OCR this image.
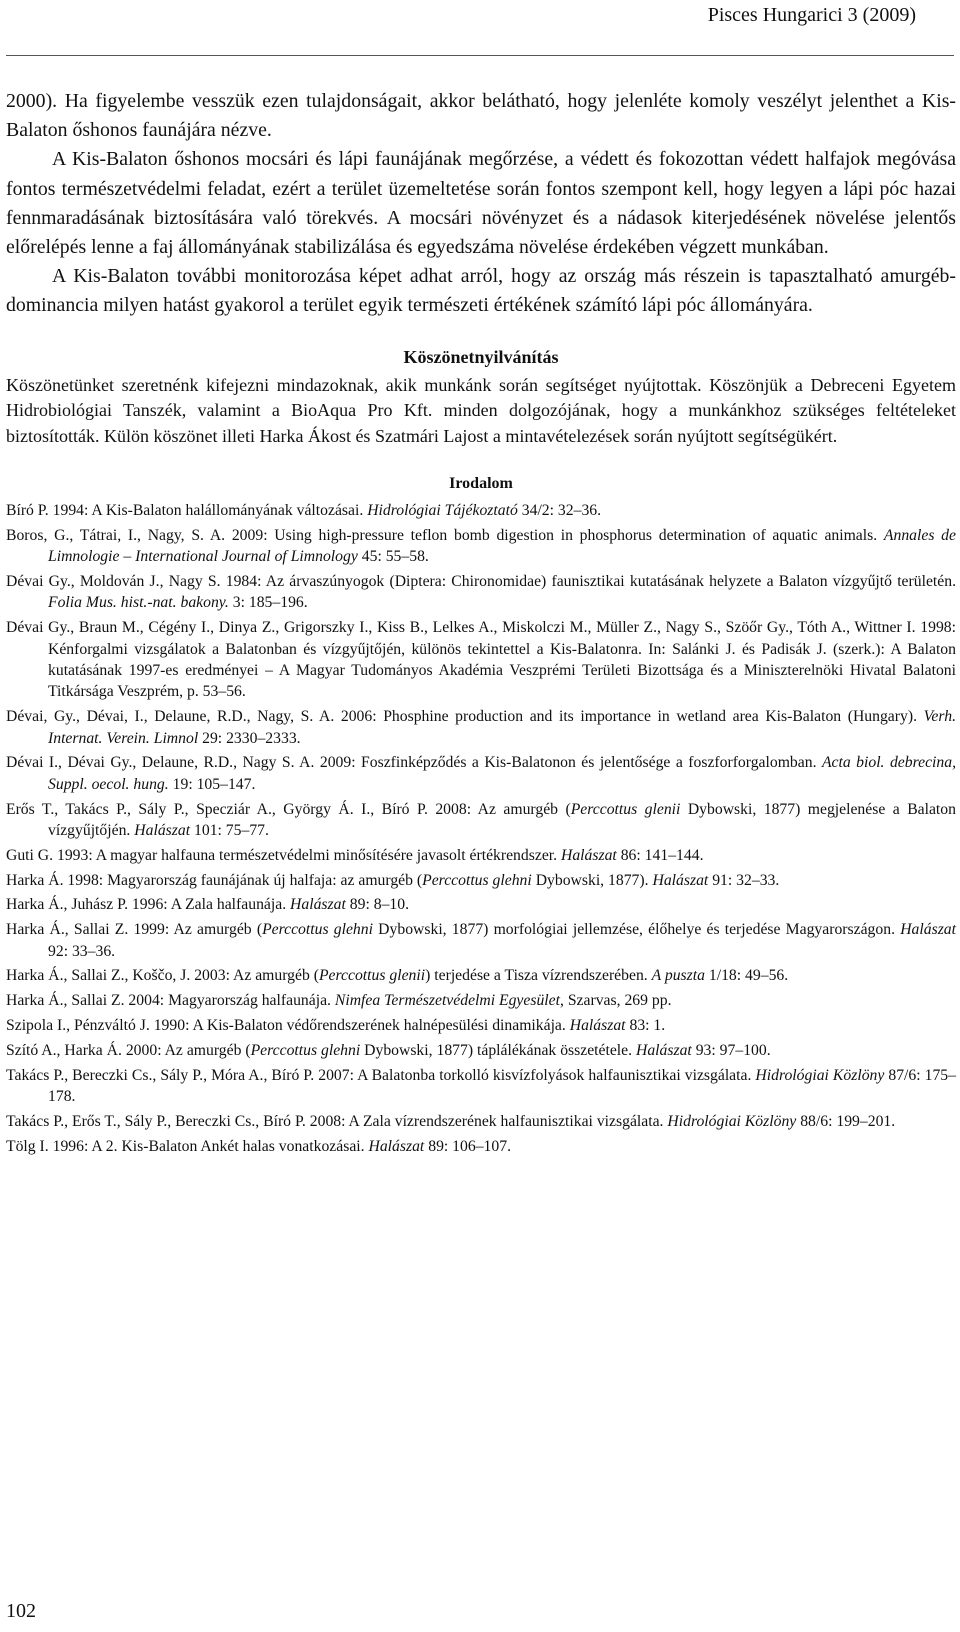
Pisces Hungarici 3 (2009)

2000). Ha figyelembe vesszük ezen tulajdonságait, akkor belátható, hogy jelenléte komoly veszélyt jelenthet a Kis-Balaton őshonos faunájára nézve.

A Kis-Balaton őshonos mocsári és lápi faunájának megőrzése, a védett és fokozottan védett halfajok megóvása fontos természetvédelmi feladat, ezért a terület üzemeltetése során fontos szempont kell, hogy legyen a lápi póc hazai fennmaradásának biztosítására való törekvés. A mocsári növényzet és a nádasok kiterjedésének növelése jelentős előrelépés lenne a faj állományának stabilizálása és egyedszáma növelése érdekében végzett munkában.

A Kis-Balaton további monitorozása képet adhat arról, hogy az ország más részein is tapasztalható amurgéb-dominancia milyen hatást gyakorol a terület egyik természeti értékének számító lápi póc állományára.

Köszönetnyilvánítás

Köszönetünket szeretnénk kifejezni mindazoknak, akik munkánk során segítséget nyújtottak. Köszönjük a Debreceni Egyetem Hidrobiológiai Tanszék, valamint a BioAqua Pro Kft. minden dolgozójának, hogy a munkánkhoz szükséges feltételeket biztosították. Külön köszönet illeti Harka Ákost és Szatmári Lajost a mintavételezések során nyújtott segítségükért.

Irodalom
Bíró P. 1994: A Kis-Balaton halállományának változásai. Hidrológiai Tájékoztató 34/2: 32–36.
Boros, G., Tátrai, I., Nagy, S. A. 2009: Using high-pressure teflon bomb digestion in phosphorus determination of aquatic animals. Annales de Limnologie – International Journal of Limnology 45: 55–58.
Dévai Gy., Moldován J., Nagy S. 1984: Az árvaszúnyogok (Diptera: Chironomidae) faunisztikai kutatásának helyzete a Balaton vízgyűjtő területén. Folia Mus. hist.-nat. bakony. 3: 185–196.
Dévai Gy., Braun M., Cégény I., Dinya Z., Grigorszky I., Kiss B., Lelkes A., Miskolczi M., Müller Z., Nagy S., Szöőr Gy., Tóth A., Wittner I. 1998: Kénforgalmi vizsgálatok a Balatonban és vízgyűjtőjén, különös tekintettel a Kis-Balatonra. In: Salánki J. és Padisák J. (szerk.): A Balaton kutatásának 1997-es eredményei – A Magyar Tudományos Akadémia Veszprémi Területi Bizottsága és a Miniszterelnöki Hivatal Balatoni Titkársága Veszprém, p. 53–56.
Dévai, Gy., Dévai, I., Delaune, R.D., Nagy, S. A. 2006: Phosphine production and its importance in wetland area Kis-Balaton (Hungary). Verh. Internat. Verein. Limnol 29: 2330–2333.
Dévai I., Dévai Gy., Delaune, R.D., Nagy S. A. 2009: Foszfinképződés a Kis-Balatonon és jelentősége a foszforforgalomban. Acta biol. debrecina, Suppl. oecol. hung. 19: 105–147.
Erős T., Takács P., Sály P., Specziár A., György Á. I., Bíró P. 2008: Az amurgéb (Perccottus glenii Dybowski, 1877) megjelenése a Balaton vízgyűjtőjén. Halászat 101: 75–77.
Guti G. 1993: A magyar halfauna természetvédelmi minősítésére javasolt értékrendszer. Halászat 86: 141–144.
Harka Á. 1998: Magyarország faunájának új halfaja: az amurgéb (Perccottus glehni Dybowski, 1877). Halászat 91: 32–33.
Harka Á., Juhász P. 1996: A Zala halfaunája. Halászat 89: 8–10.
Harka Á., Sallai Z. 1999: Az amurgéb (Perccottus glehni Dybowski, 1877) morfológiai jellemzése, élőhelye és terjedése Magyarországon. Halászat 92: 33–36.
Harka Á., Sallai Z., Koščo, J. 2003: Az amurgéb (Perccottus glenii) terjedése a Tisza vízrendszerében. A puszta 1/18: 49–56.
Harka Á., Sallai Z. 2004: Magyarország halfaunája. Nimfea Természetvédelmi Egyesület, Szarvas, 269 pp.
Szipola I., Pénzváltó J. 1990: A Kis-Balaton védőrendszerének halnépesülési dinamikája. Halászat 83: 1.
Szító A., Harka Á. 2000: Az amurgéb (Perccottus glehni Dybowski, 1877) táplálékának összetétele. Halászat 93: 97–100.
Takács P., Bereczki Cs., Sály P., Móra A., Bíró P. 2007: A Balatonba torkolló kisvízfolyások halfaunisztikai vizsgálata. Hidrológiai Közlöny 87/6: 175–178.
Takács P., Erős T., Sály P., Bereczki Cs., Bíró P. 2008: A Zala vízrendszerének halfaunisztikai vizsgálata. Hidrológiai Közlöny 88/6: 199–201.
Tölg I. 1996: A 2. Kis-Balaton Ankét halas vonatkozásai. Halászat 89: 106–107.
102
